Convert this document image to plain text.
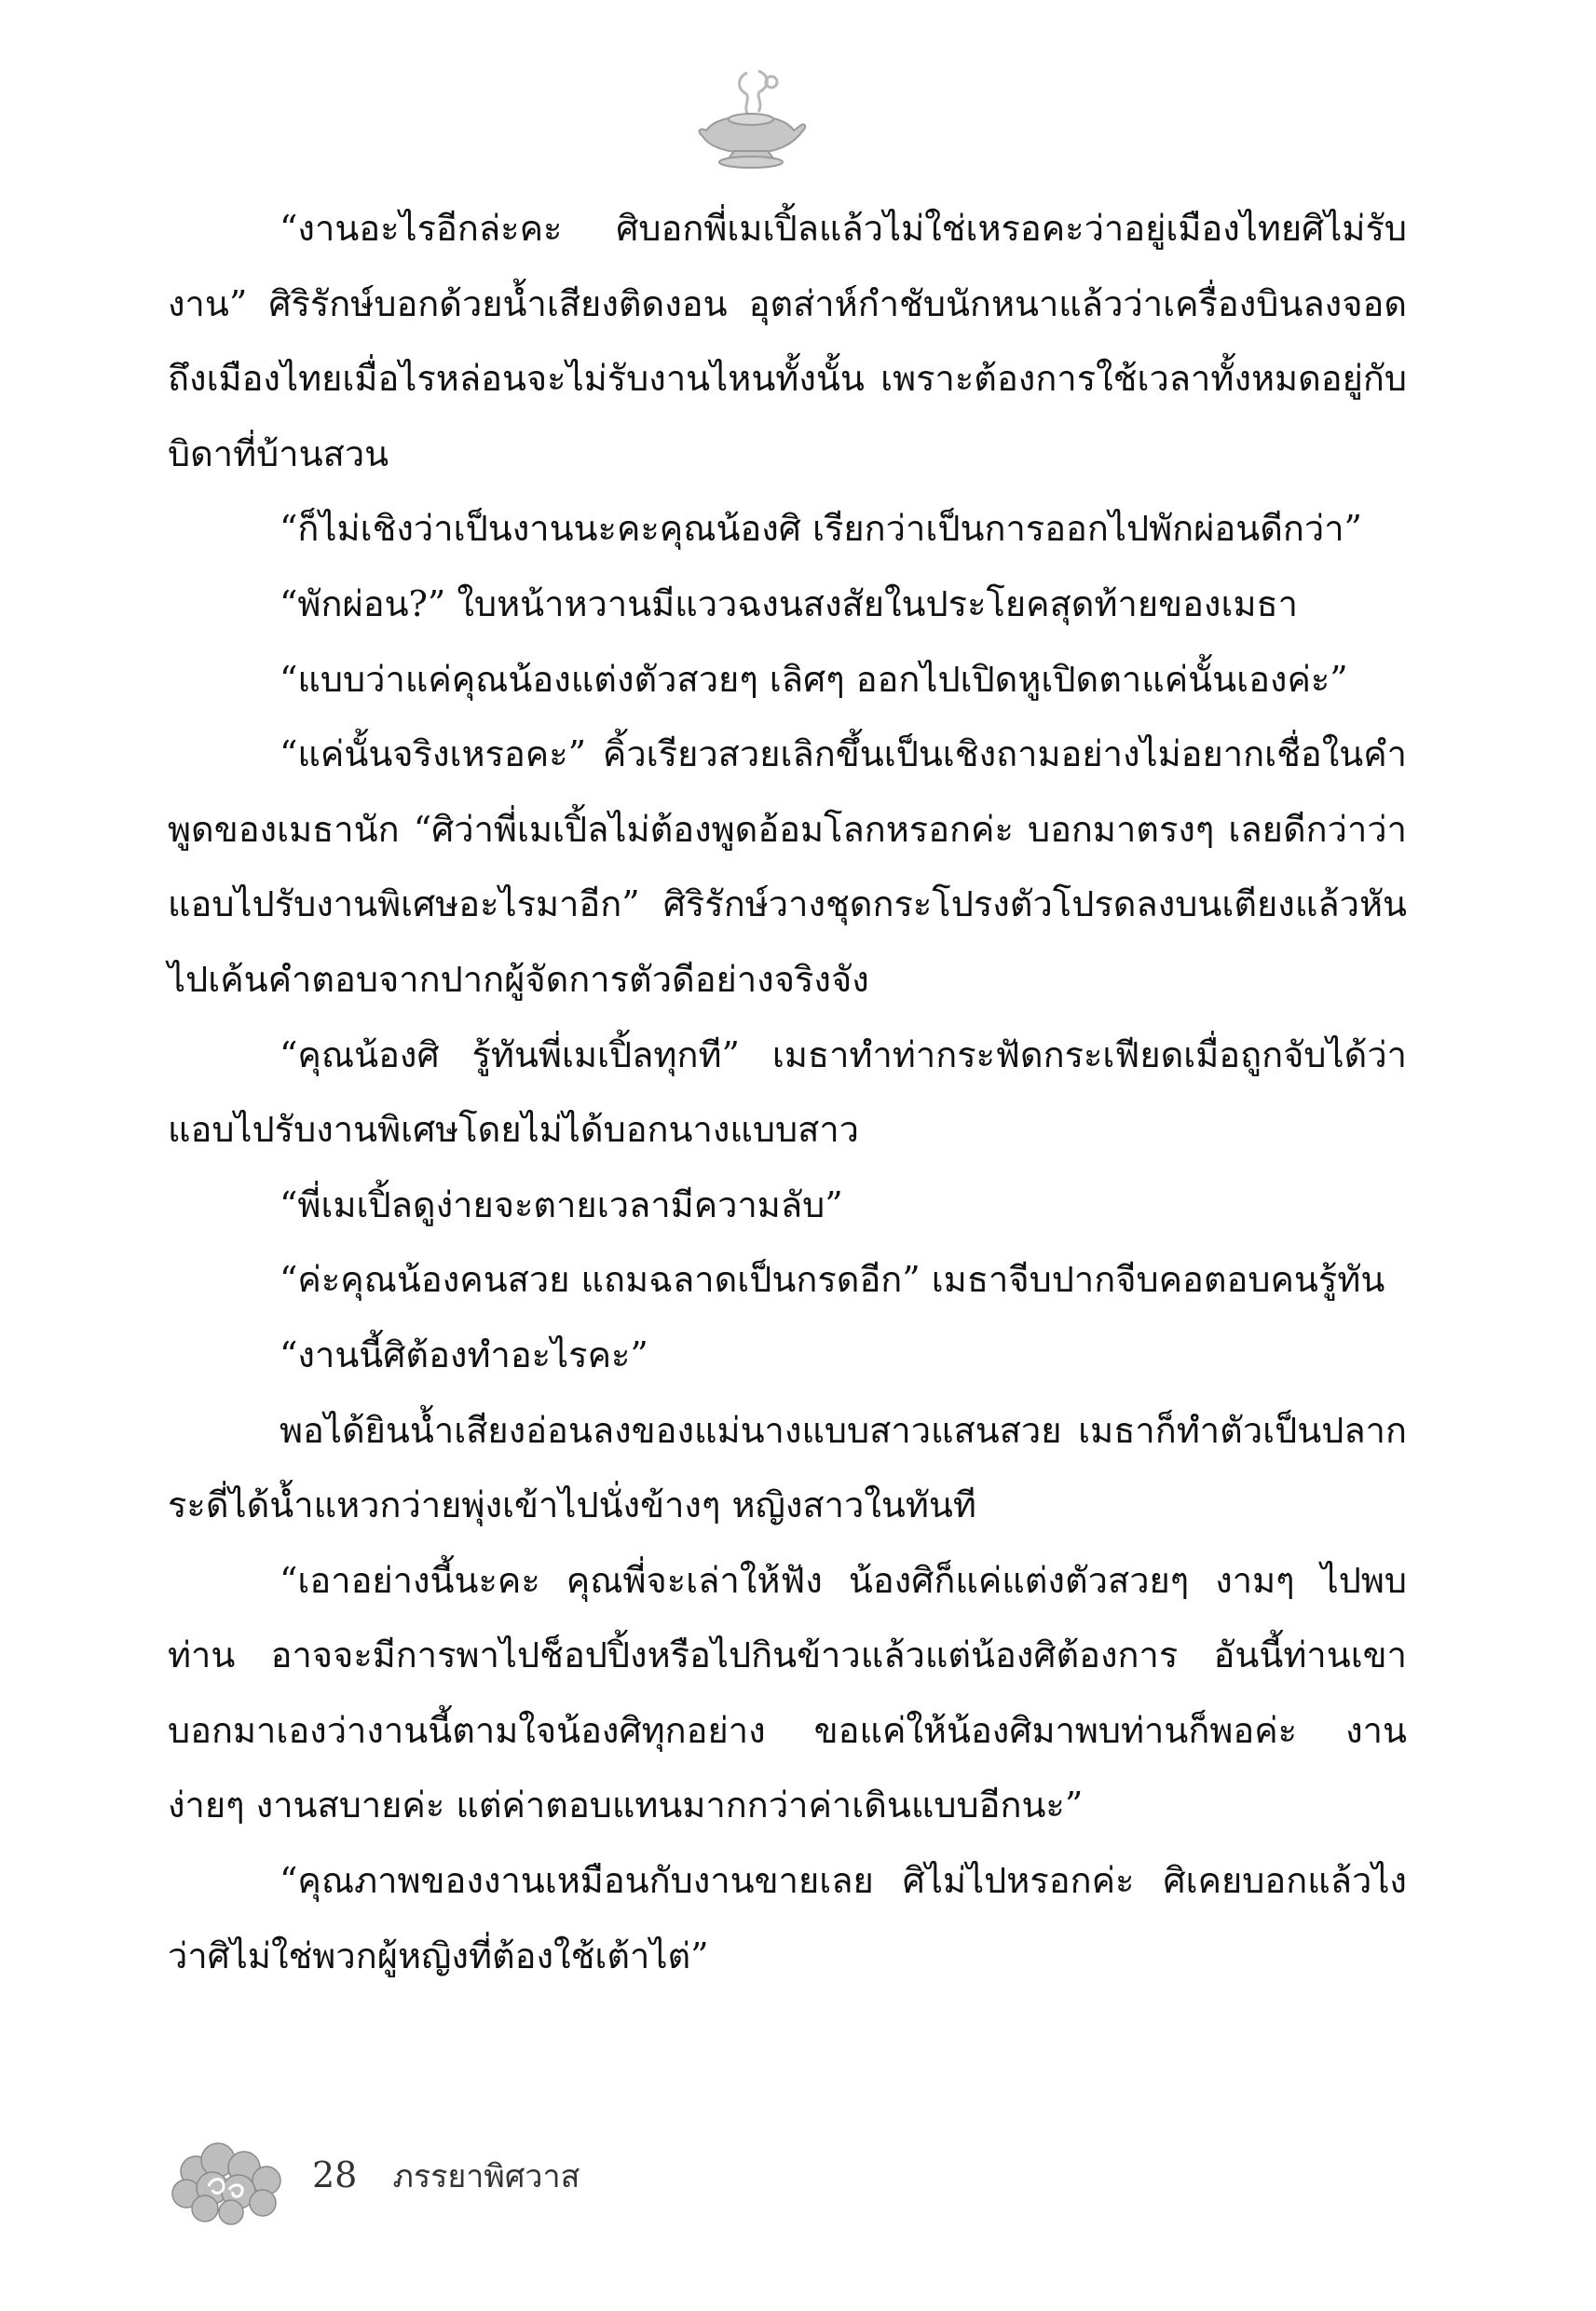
“งานอะไรอีกล่ะคะ ศิบอกพี่เมเปิ้ลแล้วไม่ใช่เหรอคะว่าอยู่เมืองไทยศิไม่รับงาน” ศิริรักษ์บอกด้วยน้ำเสียงติดงอน อุตส่าห์กำชับนักหนาแล้วว่าเครื่องบินลงจอดถึงเมืองไทยเมื่อไรหล่อนจะไม่รับงานไหนทั้งนั้น เพราะต้องการใช้เวลาทั้งหมดอยู่กับบิดาที่บ้านสวน

“ก็ไม่เชิงว่าเป็นงานนะคะคุณน้องศิ เรียกว่าเป็นการออกไปพักผ่อนดีกว่า”

“พักผ่อน?” ใบหน้าหวานมีแววฉงนสงสัยในประโยคสุดท้ายของเมธา

“แบบว่าแค่คุณน้องแต่งตัวสวยๆ เลิศๆ ออกไปเปิดหูเปิดตาแค่นั้นเองค่ะ”

“แค่นั้นจริงเหรอคะ” คิ้วเรียวสวยเลิกขึ้นเป็นเชิงถามอย่างไม่อยากเชื่อในคำพูดของเมธานัก “ศิว่าพี่เมเปิ้ลไม่ต้องพูดอ้อมโลกหรอกค่ะ บอกมาตรงๆ เลยดีกว่าว่าแอบไปรับงานพิเศษอะไรมาอีก” ศิริรักษ์วางชุดกระโปรงตัวโปรดลงบนเตียงแล้วหันไปเค้นคำตอบจากปากผู้จัดการตัวดีอย่างจริงจัง

“คุณน้องศิ รู้ทันพี่เมเปิ้ลทุกที” เมธาทำท่ากระฟัดกระเฟียดเมื่อถูกจับได้ว่าแอบไปรับงานพิเศษโดยไม่ได้บอกนางแบบสาว

“พี่เมเปิ้ลดูง่ายจะตายเวลามีความลับ”

“ค่ะคุณน้องคนสวย แถมฉลาดเป็นกรดอีก” เมธาจีบปากจีบคอตอบคนรู้ทัน

“งานนี้ศิต้องทำอะไรคะ”

พอได้ยินน้ำเสียงอ่อนลงของแม่นางแบบสาวแสนสวย เมธาก็ทำตัวเป็นปลากระดี่ได้น้ำแหวกว่ายพุ่งเข้าไปนั่งข้างๆ หญิงสาวในทันที

“เอาอย่างนี้นะคะ คุณพี่จะเล่าให้ฟัง น้องศิก็แค่แต่งตัวสวยๆ งามๆ ไปพบท่าน อาจจะมีการพาไปช็อปปิ้งหรือไปกินข้าวแล้วแต่น้องศิต้องการ อันนี้ท่านเขาบอกมาเองว่างานนี้ตามใจน้องศิทุกอย่าง ขอแค่ให้น้องศิมาพบท่านก็พอค่ะ งานง่ายๆ งานสบายค่ะ แต่ค่าตอบแทนมากกว่าค่าเดินแบบอีกนะ”

“คุณภาพของงานเหมือนกับงานขายเลย ศิไม่ไปหรอกค่ะ ศิเคยบอกแล้วไงว่าศิไม่ใช่พวกผู้หญิงที่ต้องใช้เต้าไต่”

28 ภรรยาพิศวาส
